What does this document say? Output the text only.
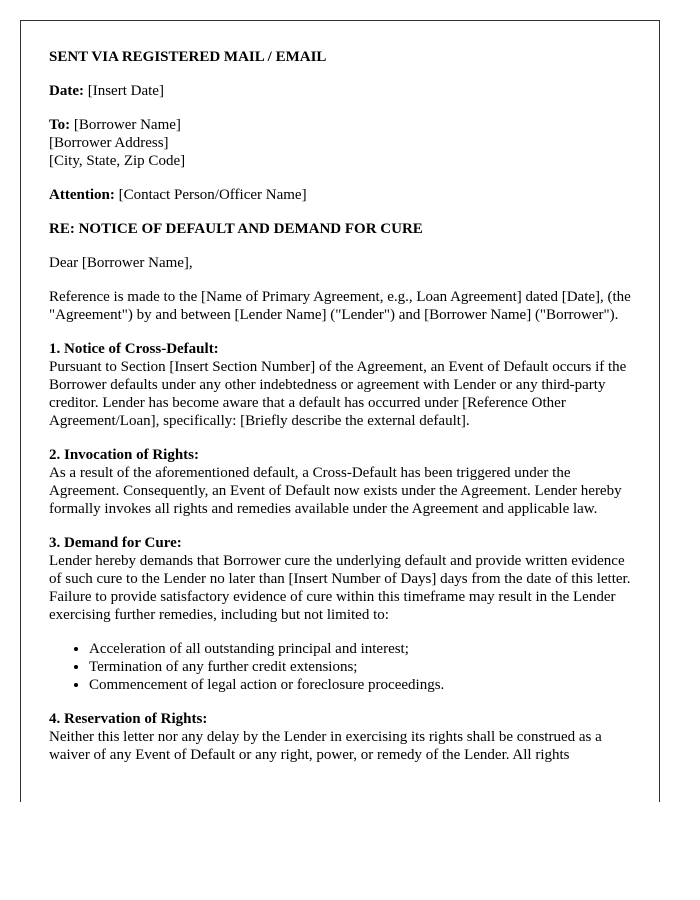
SENT VIA REGISTERED MAIL / EMAIL

Date: [Insert Date]

To: [Borrower Name]
[Borrower Address]
[City, State, Zip Code]

Attention: [Contact Person/Officer Name]

RE: NOTICE OF DEFAULT AND DEMAND FOR CURE

Dear [Borrower Name],

Reference is made to the [Name of Primary Agreement, e.g., Loan Agreement] dated [Date], (the "Agreement") by and between [Lender Name] ("Lender") and [Borrower Name] ("Borrower").

1. Notice of Cross-Default:

Pursuant to Section [Insert Section Number] of the Agreement, an Event of Default occurs if the Borrower defaults under any other indebtedness or agreement with Lender or any third-party creditor. Lender has become aware that a default has occurred under [Reference Other Agreement/Loan], specifically: [Briefly describe the external default].

2. Invocation of Rights:

As a result of the aforementioned default, a Cross-Default has been triggered under the Agreement. Consequently, an Event of Default now exists under the Agreement. Lender hereby formally invokes all rights and remedies available under the Agreement and applicable law.

3. Demand for Cure:

Lender hereby demands that Borrower cure the underlying default and provide written evidence of such cure to the Lender no later than [Insert Number of Days] days from the date of this letter. Failure to provide satisfactory evidence of cure within this timeframe may result in the Lender exercising further remedies, including but not limited to:

• Acceleration of all outstanding principal and interest;
• Termination of any further credit extensions;
• Commencement of legal action or foreclosure proceedings.
4. Reservation of Rights:

Neither this letter nor any delay by the Lender in exercising its rights shall be construed as a waiver of any Event of Default or any right, power, or remedy of the Lender. All rights
